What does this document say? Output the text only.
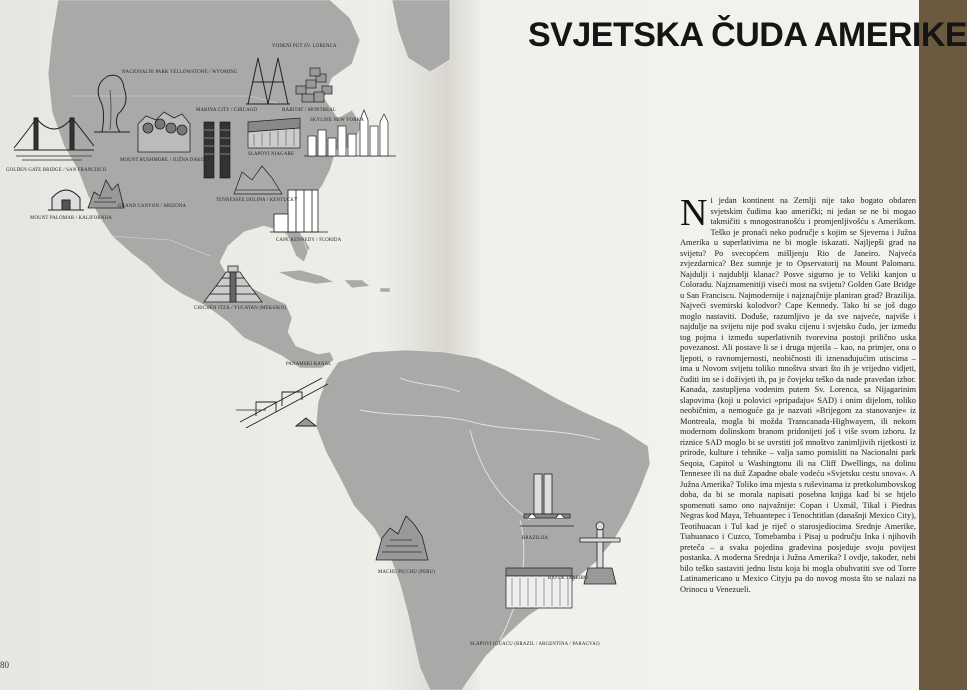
GOLDEN GATE BRIDGE / SAN FRANCISCO

MOUNT PALOMAR / KALIFORNIJA

GRAND CANYON / ARIZONA

NACIONALNI PARK YELLOWSTONE / WYOMING

MOUNT RUSHMORE / JUŽNA DAKOTA

MARINA CITY / CHICAGO

TENNESSEE DOLINA / KENTUCKY

SLAPOVI NIAGARE

VODENI PUT SV. LORENCA

HABITAT / MONTREAL

SKYLINE NEW YORKA

CAPE KENNEDY / FLORIDA

CHICHÉN ITZÁ / YUCATAN (MEKSIKO)

PANAMSKI KANAL

MACHU PICCHU (PERU)

BRAZILIJA

RIO DE JANEIRO

SLAPOVI IGUACU (BRAZIL / ARGENTINA / PARAGVAJ)

SVJETSKA ČUDA AMERIKE

Ni jedan kontinent na Zemlji nije tako bogato obdaren svjetskim čudima kao američki; ni jedan se ne bi mogao takmičiti s mnogostranošću i promjenljivošću s Amerikom. Teško je pronaći neko područje s kojim se Sjeverna i Južna Amerika u superlativima ne bi mogle iskazati. Najljepši grad na svijetu? Po svecopćem mišljenju Rio de Janeiro. Najveća zvjezdarnica? Bez sumnje je to Opservatorij na Mount Palomaru. Najdulji i najdublji klanac? Posve sigurno je to Veliki kanjon u Coloradu. Najznamenitiji viseći most na svijetu? Golden Gate Bridge u San Franciscu. Najmodernije i najznajčnije planiran grad? Brazilija. Najveći svemirski kolodvor? Cape Kennedy. Tako bi se još dugo moglo nastaviti. Dođuše, razumljivo je da sve najveće, najviše i najdulje na svijetu nije pod svaku cijenu i svjetsko čudo, jer između tog pojma i između superlativnih tvorevina postoji prilično uska povezanost. Ali postave li se i druga mjerila – kao, na primjer, ona o ljepoti, o ravnomjernosti, neobičnosti ili iznenađujućim utiscima – ima u Novom svijetu toliko mnoštva stvari što ih je vrijedno vidjeti, čuditi im se i doživjeti ih, pa je čovjeku teško da nade pravedan izbor. Kanada, zastupljena vodenim putem Sv. Lorenca, sa Nijagarinim slapovima (koji u polovici »pripadaju« SAD) i onim dijelom, toliko neobičnim, a nemoguće ga je nazvati »Brijegom za stanovanje« iz Montreala, mogla bi možda Transcanada-Highwayem, ili nekom modernom dolinskom branom pridonijeti još i više svom izboru. Iz riznice SAD moglo bi se uvrstiti još mnoštvo zanimljivih rijetkosti iz prirode, kulture i tehnike – valja samo pomisliti na Nacionalni park Seqoia, Capitol u Washingtonu ili na Cliff Dwellings, na dolinu Tennesee ili na duž Zapadne obale vodeću »Svjetsku cestu snova«. A Južna Amerika? Toliko ima mjesta s ruševinama iz pretkolumbovskog doba, da bi se morala napisati posebna knjiga kad bi se htjelo spomenuti samo ono najvažnije: Copan i Uxmál, Tikal i Piedras Negras kod Maya, Tehuantepec i Tenochtitlan (današnji Mexico City), Teotihuacan i Tul kad je riječ o starosjediocima Srednje Amerike, Tiahuanaco i Cuzco, Tomebamba i Pisaj u području Inka i njihovih preteča – a svaka pojedina građevina posjeduje svoju povijest postanka. A moderna Srednja i Južna Amerika? I ovdje, također, nebi bilo teško sastaviti jednu listu koja bi mogla obuhvatiti sve od Torre Latinamericano u Mexico Cityju pa do novog mosta što se nalazi na Orinocu u Venezueli.

80
